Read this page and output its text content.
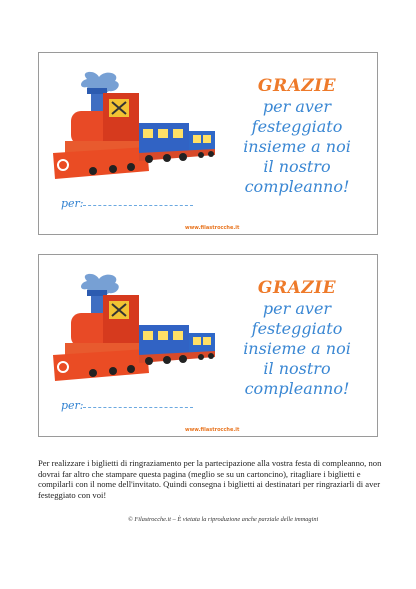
per:
www.filastrocche.it
GRAZIE
per aver
festeggiato
insieme a noi
il nostro
compleanno!
per:
www.filastrocche.it
GRAZIE
per aver
festeggiato
insieme a noi
il nostro
compleanno!
Per realizzare i biglietti di ringraziamento per la partecipazione alla vostra festa di compleanno, non dovrai far altro che stampare questa pagina (meglio se su un cartoncino), ritagliare i biglietti e compilarli con il nome dell'invitato. Quindi consegna i biglietti ai destinatari per ringraziarli di aver festeggiato con voi!
© Filastrocche.it – È vietata la riproduzione anche parziale delle immagini
